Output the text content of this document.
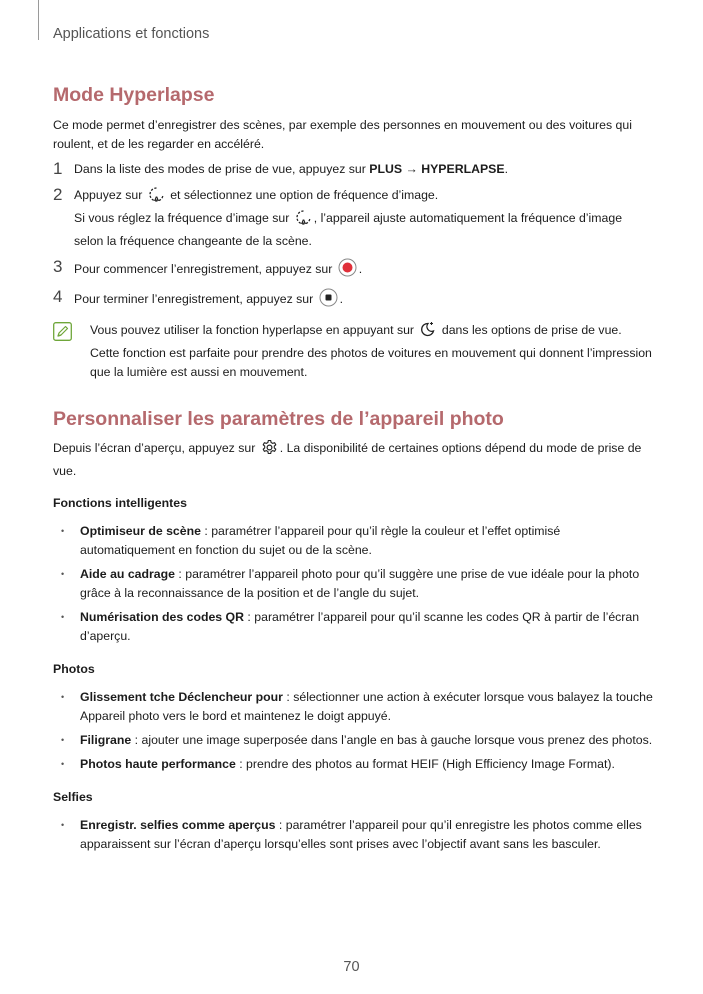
Applications et fonctions
Mode Hyperlapse

Ce mode permet d’enregistrer des scènes, par exemple des personnes en mouvement ou des voitures qui roulent, et de les regarder en accéléré.

1 Dans la liste des modes de prise de vue, appuyez sur PLUS → HYPERLAPSE.
2 Appuyez sur A et sélectionnez une option de fréquence d’image.
Si vous réglez la fréquence d’image sur A , l’appareil ajuste automatiquement la fréquence d’image selon la fréquence changeante de la scène.
3 Pour commencer l’enregistrement, appuyez sur .
4 Pour terminer l’enregistrement, appuyez sur .
Vous pouvez utiliser la fonction hyperlapse en appuyant sur  dans les options de prise de vue. Cette fonction est parfaite pour prendre des photos de voitures en mouvement qui donnent l’impression que la lumière est aussi en mouvement.
Personnaliser les paramètres de l’appareil photo

Depuis l’écran d’aperçu, appuyez sur . La disponibilité de certaines options dépend du mode de prise de vue.

Fonctions intelligentes
• Optimiseur de scène : paramétrer l’appareil pour qu’il règle la couleur et l’effet optimisé automatiquement en fonction du sujet ou de la scène.
• Aide au cadrage : paramétrer l’appareil photo pour qu’il suggère une prise de vue idéale pour la photo grâce à la reconnaissance de la position et de l’angle du sujet.
• Numérisation des codes QR : paramétrer l’appareil pour qu’il scanne les codes QR à partir de l’écran d’aperçu.
Photos
• Glissement tche Déclencheur pour : sélectionner une action à exécuter lorsque vous balayez la touche Appareil photo vers le bord et maintenez le doigt appuyé.
• Filigrane : ajouter une image superposée dans l’angle en bas à gauche lorsque vous prenez des photos.
• Photos haute performance : prendre des photos au format HEIF (High Efficiency Image Format).
Selfies
• Enregistr. selfies comme aperçus : paramétrer l’appareil pour qu’il enregistre les photos comme elles apparaissent sur l’écran d’aperçu lorsqu’elles sont prises avec l’objectif avant sans les basculer.
70
